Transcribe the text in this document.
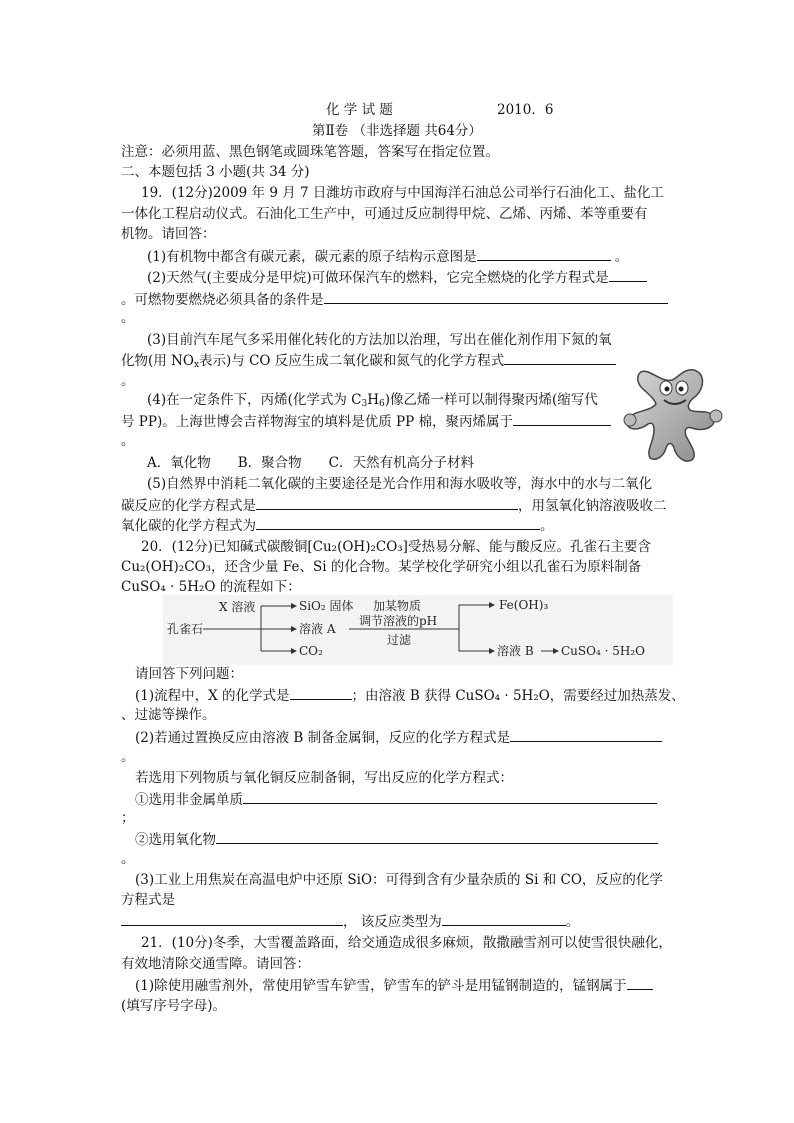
化 学 试 题	2010．6
第Ⅱ卷 （非选择题 共64分）
注意：必须用蓝、黑色钢笔或圆珠笔答题，答案写在指定位置。
二、本题包括 3 小题(共 34 分)
19．(12分)2009 年 9 月 7 日潍坊市政府与中国海洋石油总公司举行石油化工、盐化工
一体化工程启动仪式。石油化工生产中，可通过反应制得甲烷、乙烯、丙烯、苯等重要有
机物。请回答：
(1)有机物中都含有碳元素，碳元素的原子结构示意图是	。
(2)天然气(主要成分是甲烷)可做环保汽车的燃料，它完全燃烧的化学方程式是
。可燃物要燃烧必须具备的条件是
。
(3)目前汽车尾气多采用催化转化的方法加以治理，写出在催化剂作用下氮的氧
化物(用 $NO_x$表示)与 CO 反应生成二氧化碳和氮气的化学方程式
。
(4)在一定条件下，丙烯(化学式为 $C_3H_6$)像乙烯一样可以制得聚丙烯(缩写代
号 PP)。上海世博会吉祥物海宝的填料是优质 PP 棉，聚丙烯属于
。
A．氧化物　　B．聚合物　　C．天然有机高分子材料
(5)自然界中消耗二氧化碳的主要途径是光合作用和海水吸收等，海水中的水与二氧化
碳反应的化学方程式是	，用氢氧化钠溶液吸收二
氧化碳的化学方程式为	。
20．(12分)已知碱式碳酸铜[Cu₂(OH)₂CO₃]受热易分解、能与酸反应。孔雀石主要含
Cu₂(OH)₂CO₃，还含少量 Fe、Si 的化合物。某学校化学研究小组以孔雀石为原料制备
CuSO₄ · 5H₂O 的流程如下：
孔雀石
X 溶液	SiO₂ 固体
溶液 A
CO₂
加某物质
调节溶液的pH
过滤
Fe(OH)₃
溶液 B CuSO₄ · 5H₂O
请回答下列问题：
(1)流程中，X 的化学式是	；由溶液 B 获得 CuSO₄ · 5H₂O，需要经过加热蒸发、
、过滤等操作。
(2)若通过置换反应由溶液 B 制备金属铜，反应的化学方程式是
。
若选用下列物质与氧化铜反应制备铜，写出反应的化学方程式：
①选用非金属单质
；
②选用氧化物
。
(3)工业上用焦炭在高温电炉中还原 SiO：可得到含有少量杂质的 Si 和 CO，反应的化学
方程式是
， 该反应类型为	。
21．(10分)冬季，大雪覆盖路面，给交通造成很多麻烦，散撒融雪剂可以使雪很快融化，
有效地清除交通雪障。请回答：
(1)除使用融雪剂外，常使用铲雪车铲雪，铲雪车的铲斗是用锰钢制造的，锰钢属于
(填写序号字母)。
